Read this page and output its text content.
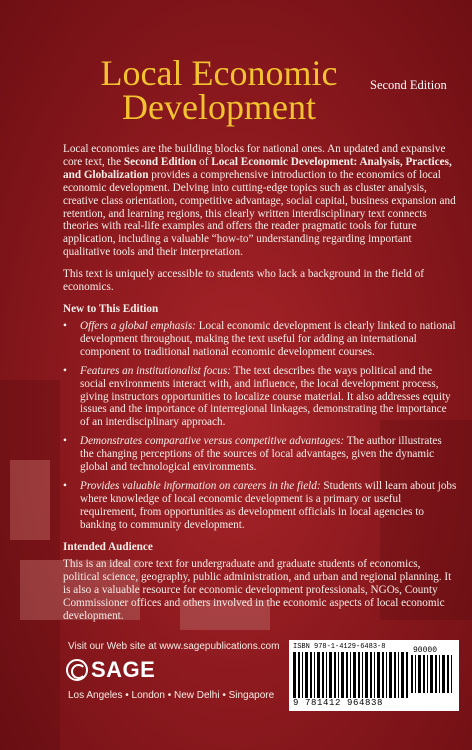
Local Economic
Development
Second Edition
Local economies are the building blocks for national ones. An updated and expansive core text, the Second Edition of Local Economic Development: Analysis, Practices, and Globalization provides a comprehensive introduction to the economics of local economic development. Delving into cutting-edge topics such as cluster analysis, creative class orientation, competitive advantage, social capital, business expansion and retention, and learning regions, this clearly written interdisciplinary text connects theories with real-life examples and offers the reader pragmatic tools for future application, including a valuable “how-to” understanding regarding important qualitative tools and their interpretation.
This text is uniquely accessible to students who lack a background in the field of economics.
New to This Edition
• Offers a global emphasis: Local economic development is clearly linked to national development throughout, making the text useful for adding an international component to traditional national economic development courses.
• Features an institutionalist focus: The text describes the ways political and the social environments interact with, and influence, the local development process, giving instructors opportunities to localize course material. It also addresses equity issues and the importance of interregional linkages, demonstrating the importance of an interdisciplinary approach.
• Demonstrates comparative versus competitive advantages: The author illustrates the changing perceptions of the sources of local advantages, given the dynamic global and technological environments.
• Provides valuable information on careers in the field: Students will learn about jobs where knowledge of local economic development is a primary or useful requirement, from opportunities as development officials in local agencies to banking to community development.
Intended Audience
This is an ideal core text for undergraduate and graduate students of economics, political science, geography, public administration, and urban and regional planning. It is also a valuable resource for economic development professionals, NGOs, County Commissioner offices and others involved in the economic aspects of local economic development.
Visit our Web site at www.sagepublications.com
SAGE
Los Angeles • London • New Delhi • Singapore
ISBN 978-1-4129-6483-8	90000
9 781412 964838
